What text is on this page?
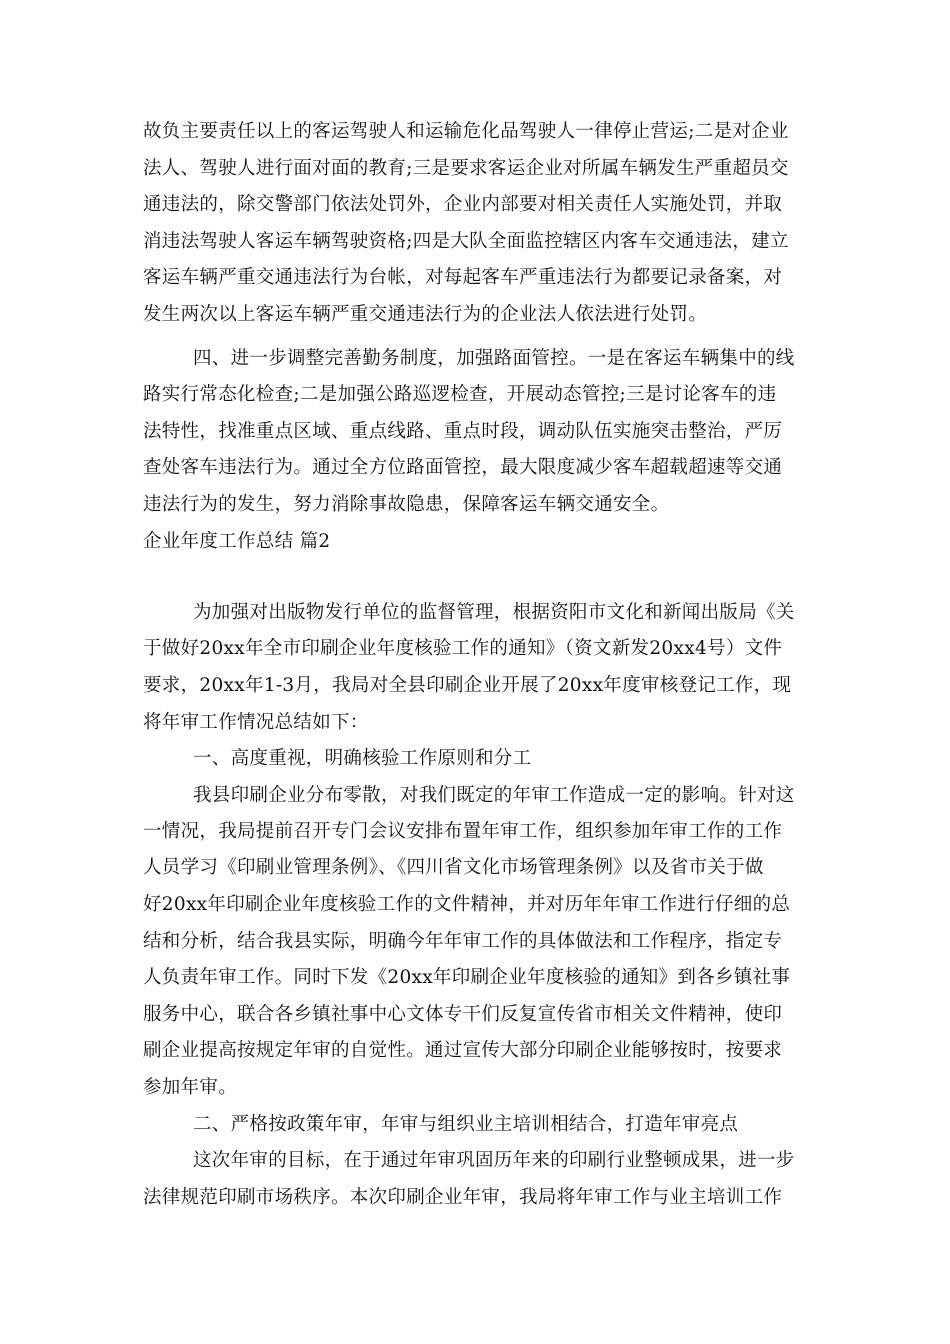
故负主要责任以上的客运驾驶人和运输危化品驾驶人一律停止营运;二是对企业
法人、驾驶人进行面对面的教育;三是要求客运企业对所属车辆发生严重超员交
通违法的，除交警部门依法处罚外，企业内部要对相关责任人实施处罚，并取
消违法驾驶人客运车辆驾驶资格;四是大队全面监控辖区内客车交通违法，建立
客运车辆严重交通违法行为台帐，对每起客车严重违法行为都要记录备案，对
发生两次以上客运车辆严重交通违法行为的企业法人依法进行处罚。
四、进一步调整完善勤务制度，加强路面管控。一是在客运车辆集中的线
路实行常态化检查;二是加强公路巡逻检查，开展动态管控;三是讨论客车的违
法特性，找准重点区域、重点线路、重点时段，调动队伍实施突击整治，严厉
查处客车违法行为。通过全方位路面管控，最大限度减少客车超载超速等交通
违法行为的发生，努力消除事故隐患，保障客运车辆交通安全。
企业年度工作总结 篇2
为加强对出版物发行单位的监督管理，根据资阳市文化和新闻出版局《关
于做好20xx年全市印刷企业年度核验工作的通知》（资文新发20xx4号）文件
要求，20xx年1-3月，我局对全县印刷企业开展了20xx年度审核登记工作，现
将年审工作情况总结如下：
一、高度重视，明确核验工作原则和分工
我县印刷企业分布零散，对我们既定的年审工作造成一定的影响。针对这
一情况，我局提前召开专门会议安排布置年审工作，组织参加年审工作的工作
人员学习《印刷业管理条例》、《四川省文化市场管理条例》以及省市关于做
好20xx年印刷企业年度核验工作的文件精神，并对历年年审工作进行仔细的总
结和分析，结合我县实际，明确今年年审工作的具体做法和工作程序，指定专
人负责年审工作。同时下发《20xx年印刷企业年度核验的通知》到各乡镇社事
服务中心，联合各乡镇社事中心文体专干们反复宣传省市相关文件精神，使印
刷企业提高按规定年审的自觉性。通过宣传大部分印刷企业能够按时，按要求
参加年审。
二、严格按政策年审，年审与组织业主培训相结合，打造年审亮点
这次年审的目标，在于通过年审巩固历年来的印刷行业整顿成果，进一步
法律规范印刷市场秩序。本次印刷企业年审，我局将年审工作与业主培训工作
